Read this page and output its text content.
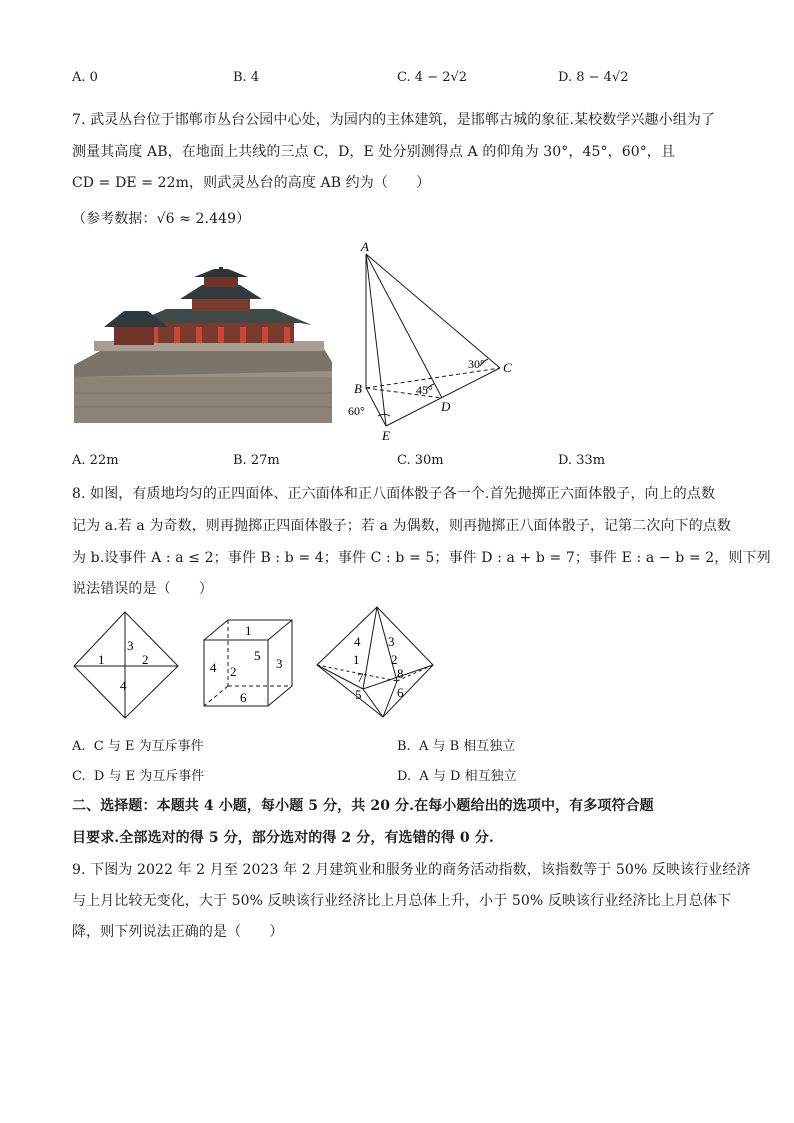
A. 0	B. 4	C. 4 − 2√2	D. 8 − 4√2
7. 武灵丛台位于邯郸市丛台公园中心处，为园内的主体建筑，是邯郸古城的象征.某校数学兴趣小组为了
测量其高度 AB，在地面上共线的三点 C，D，E 处分别测得点 A 的仰角为 30°，45°，60°，且
CD = DE = 22m，则武灵丛台的高度 AB 约为（　　）
（参考数据：√6 ≈ 2.449）
A
B
C
D
E
30°
45°
60°
A. 22m	B. 27m	C. 30m	D. 33m
8. 如图，有质地均匀的正四面体、正六面体和正八面体骰子各一个.首先抛掷正六面体骰子，向上的点数
记为 a.若 a 为奇数，则再抛掷正四面体骰子；若 a 为偶数，则再抛掷正八面体骰子，记第二次向下的点数
为 b.设事件 A : a ≤ 2；事件 B : b = 4；事件 C : b = 5；事件 D : a + b = 7；事件 E : a − b = 2，则下列
说法错误的是（　　）
3
1	2
4
1
5
3
4 2
6
4 3
1 2
7	8
5	6
A. C 与 E 为互斥事件	B. A 与 B 相互独立
C. D 与 E 为互斥事件	D. A 与 D 相互独立
二、选择题：本题共 4 小题，每小题 5 分，共 20 分.在每小题给出的选项中，有多项符合题
目要求.全部选对的得 5 分，部分选对的得 2 分，有选错的得 0 分.
9. 下图为 2022 年 2 月至 2023 年 2 月建筑业和服务业的商务活动指数，该指数等于 50% 反映该行业经济
与上月比较无变化，大于 50% 反映该行业经济比上月总体上升，小于 50% 反映该行业经济比上月总体下
降，则下列说法正确的是（　　）
